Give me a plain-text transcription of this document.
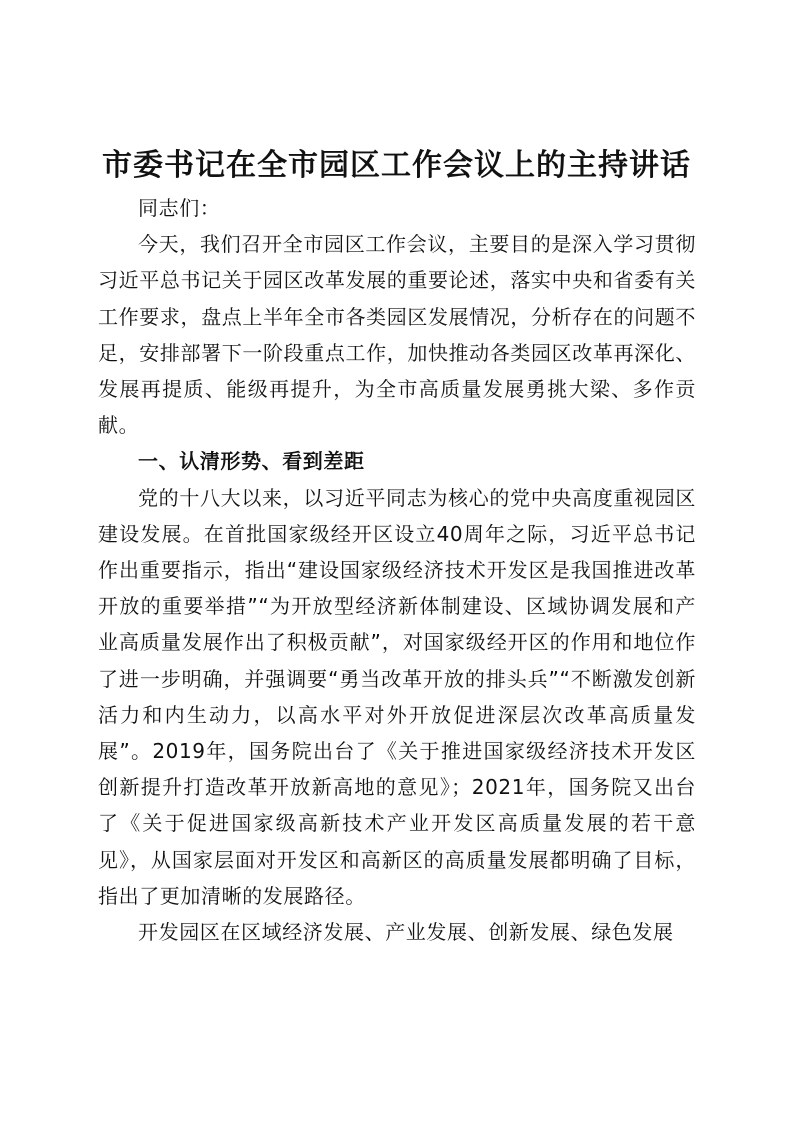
市委书记在全市园区工作会议上的主持讲话

同志们：

今天，我们召开全市园区工作会议，主要目的是深入学习贯彻习近平总书记关于园区改革发展的重要论述，落实中央和省委有关工作要求，盘点上半年全市各类园区发展情况，分析存在的问题不足，安排部署下一阶段重点工作，加快推动各类园区改革再深化、发展再提质、能级再提升，为全市高质量发展勇挑大梁、多作贡献。

一、认清形势、看到差距

党的十八大以来，以习近平同志为核心的党中央高度重视园区建设发展。在首批国家级经开区设立40周年之际，习近平总书记作出重要指示，指出“建设国家级经济技术开发区是我国推进改革开放的重要举措”“为开放型经济新体制建设、区域协调发展和产业高质量发展作出了积极贡献”，对国家级经开区的作用和地位作了进一步明确，并强调要“勇当改革开放的排头兵”“不断激发创新活力和内生动力，以高水平对外开放促进深层次改革高质量发展”。2019年，国务院出台了《关于推进国家级经济技术开发区创新提升打造改革开放新高地的意见》；2021年，国务院又出台了《关于促进国家级高新技术产业开发区高质量发展的若干意见》，从国家层面对开发区和高新区的高质量发展都明确了目标，指出了更加清晰的发展路径。

开发园区在区域经济发展、产业发展、创新发展、绿色发展
